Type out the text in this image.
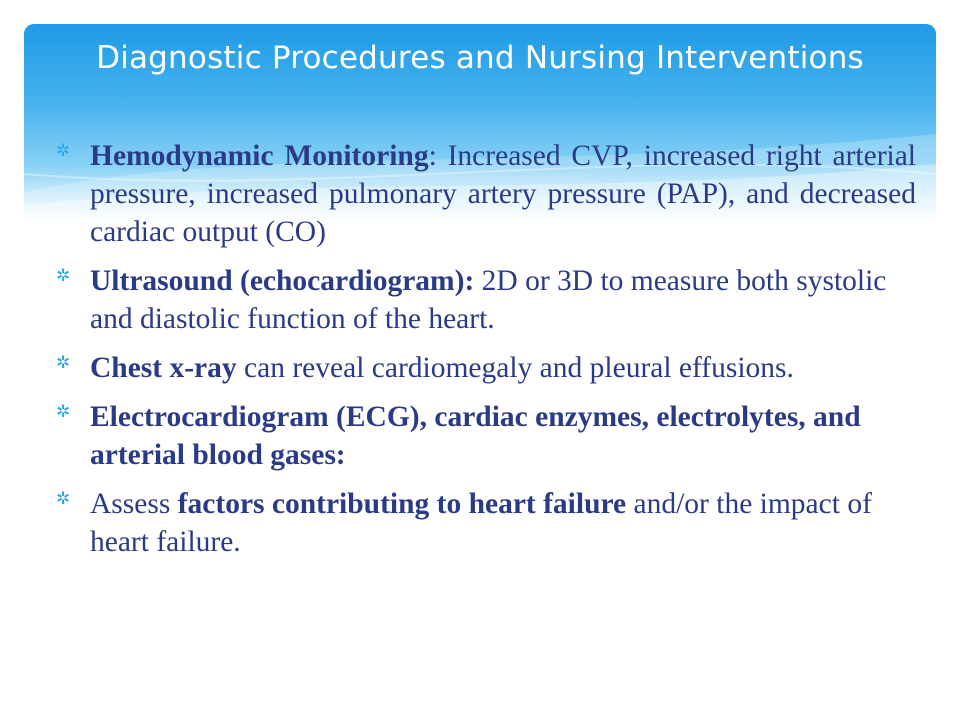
Diagnostic Procedures and Nursing Interventions
✲ Hemodynamic Monitoring: Increased CVP, increased right arterial pressure, increased pulmonary artery pressure (PAP), and decreased cardiac output (CO)
✲ Ultrasound (echocardiogram): 2D or 3D to measure both systolic and diastolic function of the heart.
✲ Chest x-ray can reveal cardiomegaly and pleural effusions.
✲ Electrocardiogram (ECG), cardiac enzymes, electrolytes, and arterial blood gases:
✲ Assess factors contributing to heart failure and/or the impact of heart failure.
